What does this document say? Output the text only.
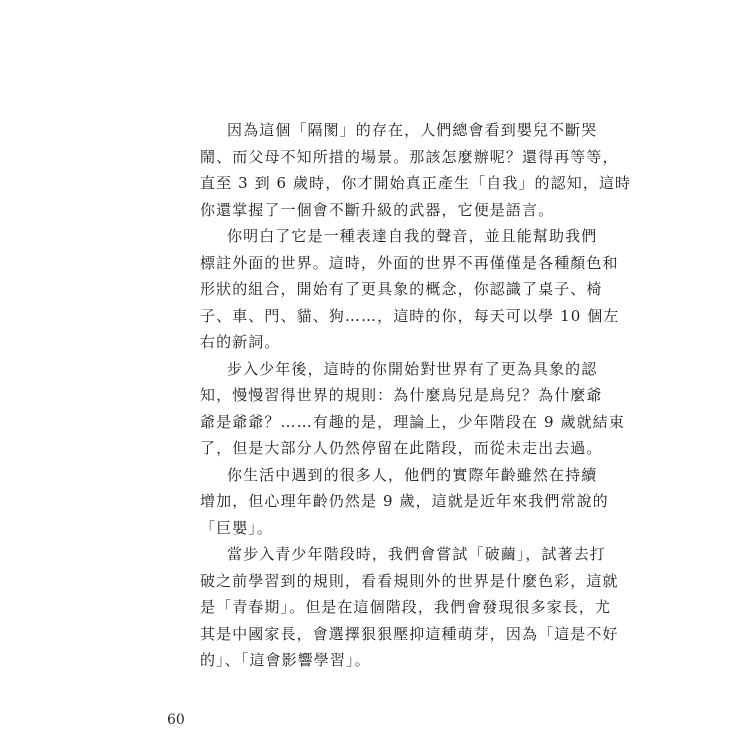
因為這個「隔閡」的存在，人們總會看到嬰兒不斷哭
鬧、而父母不知所措的場景。那該怎麼辦呢？還得再等等，
直至 3 到 6 歲時，你才開始真正產生「自我」的認知，這時
你還掌握了一個會不斷升級的武器，它便是語言。
你明白了它是一種表達自我的聲音，並且能幫助我們
標註外面的世界。這時，外面的世界不再僅僅是各種顏色和
形狀的組合，開始有了更具象的概念，你認識了桌子、椅
子、車、門、貓、狗……，這時的你，每天可以學 10 個左
右的新詞。
步入少年後，這時的你開始對世界有了更為具象的認
知，慢慢習得世界的規則：為什麼鳥兒是鳥兒？為什麼爺
爺是爺爺？……有趣的是，理論上，少年階段在 9 歲就結束
了，但是大部分人仍然停留在此階段，而從未走出去過。
你生活中遇到的很多人，他們的實際年齡雖然在持續
增加，但心理年齡仍然是 9 歲，這就是近年來我們常說的
「巨嬰」。
當步入青少年階段時，我們會嘗試「破繭」，試著去打
破之前學習到的規則，看看規則外的世界是什麼色彩，這就
是「青春期」。但是在這個階段，我們會發現很多家長，尤
其是中國家長，會選擇狠狠壓抑這種萌芽，因為「這是不好
的」、「這會影響學習」。
60
